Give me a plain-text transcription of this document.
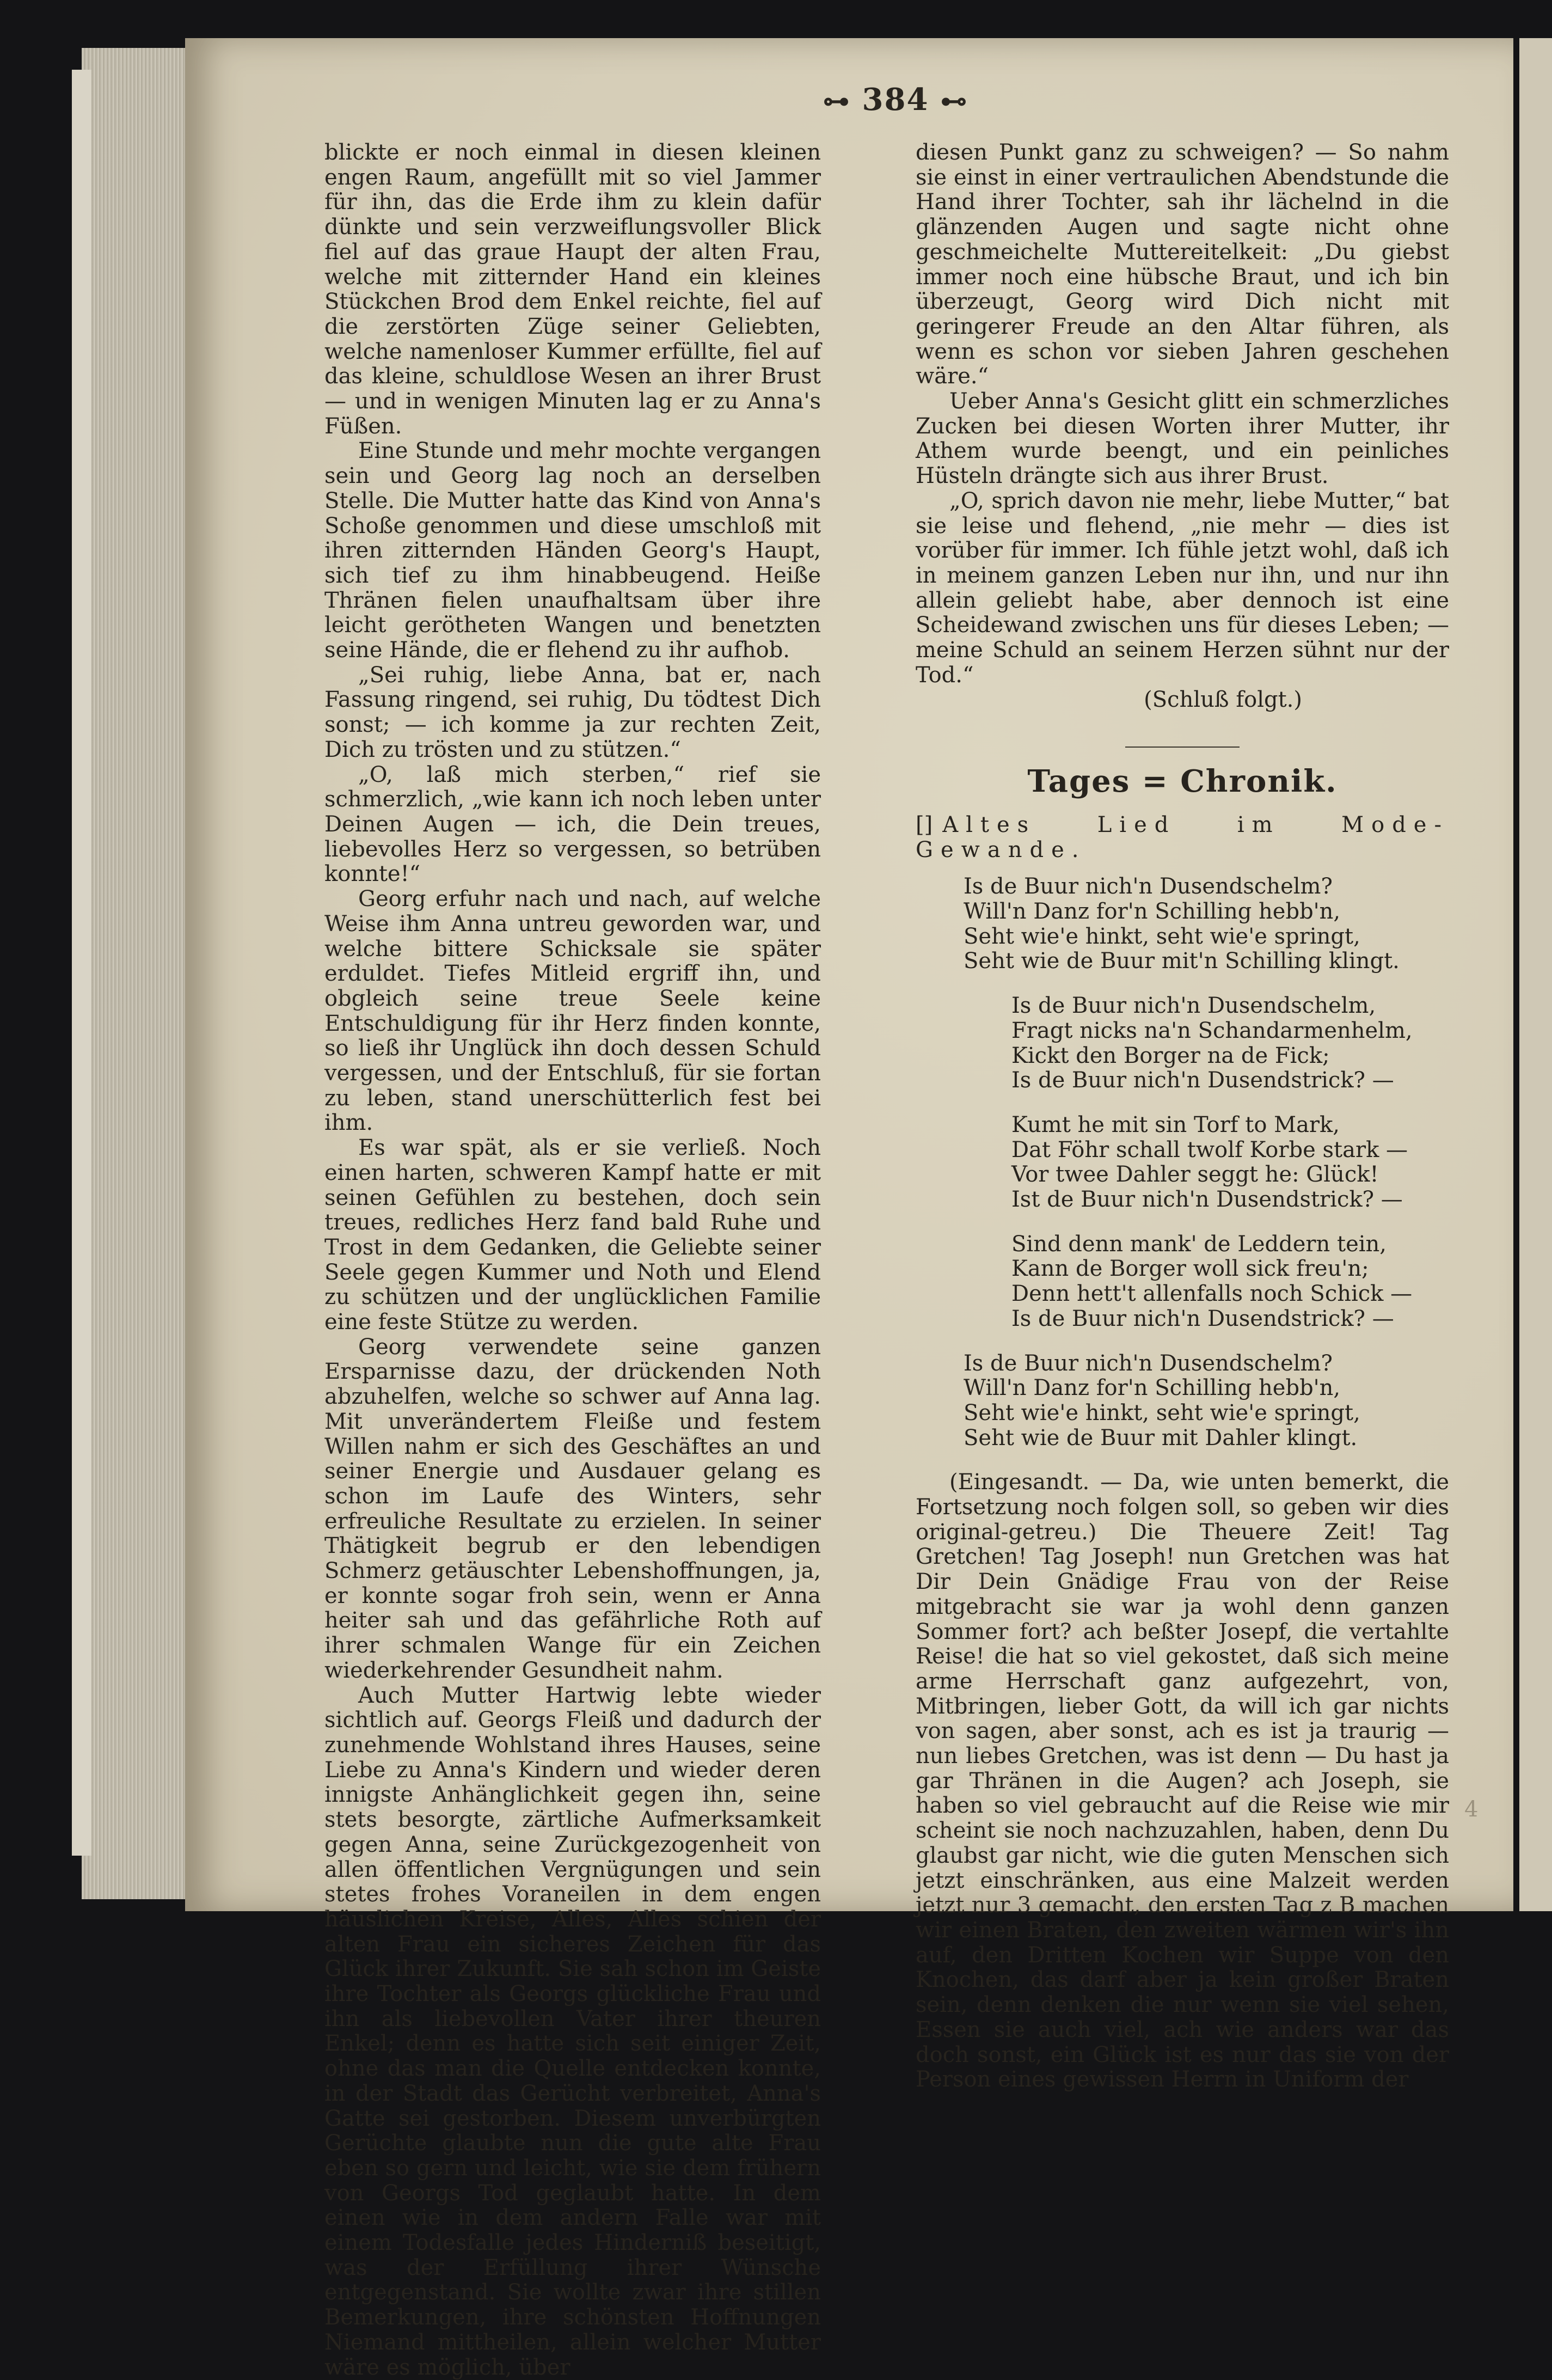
⊶ 384 ⊷

blickte er noch einmal in diesen kleinen engen Raum, angefüllt mit so viel Jammer für ihn, das die Erde ihm zu klein dafür dünkte und sein verzweiflungsvoller Blick fiel auf das graue Haupt der alten Frau, welche mit zitternder Hand ein kleines Stückchen Brod dem Enkel reichte, fiel auf die zerstörten Züge seiner Geliebten, welche namenloser Kummer erfüllte, fiel auf das kleine, schuldlose Wesen an ihrer Brust — und in wenigen Minuten lag er zu Anna's Füßen.

Eine Stunde und mehr mochte vergangen sein und Georg lag noch an derselben Stelle. Die Mutter hatte das Kind von Anna's Schoße genommen und diese umschloß mit ihren zitternden Händen Georg's Haupt, sich tief zu ihm hinabbeugend. Heiße Thränen fielen unaufhaltsam über ihre leicht gerötheten Wangen und benetzten seine Hände, die er flehend zu ihr aufhob.

„Sei ruhig, liebe Anna, bat er, nach Fassung ringend, sei ruhig, Du tödtest Dich sonst; — ich komme ja zur rechten Zeit, Dich zu trösten und zu stützen.“

„O, laß mich sterben,“ rief sie schmerzlich, „wie kann ich noch leben unter Deinen Augen — ich, die Dein treues, liebevolles Herz so vergessen, so betrüben konnte!“

Georg erfuhr nach und nach, auf welche Weise ihm Anna untreu geworden war, und welche bittere Schicksale sie später erduldet. Tiefes Mitleid ergriff ihn, und obgleich seine treue Seele keine Entschuldigung für ihr Herz finden konnte, so ließ ihr Unglück ihn doch dessen Schuld vergessen, und der Entschluß, für sie fortan zu leben, stand unerschütterlich fest bei ihm.

Es war spät, als er sie verließ. Noch einen harten, schweren Kampf hatte er mit seinen Gefühlen zu bestehen, doch sein treues, redliches Herz fand bald Ruhe und Trost in dem Gedanken, die Geliebte seiner Seele gegen Kummer und Noth und Elend zu schützen und der unglücklichen Familie eine feste Stütze zu werden.

Georg verwendete seine ganzen Ersparnisse dazu, der drückenden Noth abzuhelfen, welche so schwer auf Anna lag. Mit unverändertem Fleiße und festem Willen nahm er sich des Geschäftes an und seiner Energie und Ausdauer gelang es schon im Laufe des Winters, sehr erfreuliche Resultate zu erzielen. In seiner Thätigkeit begrub er den lebendigen Schmerz getäuschter Lebenshoffnungen, ja, er konnte sogar froh sein, wenn er Anna heiter sah und das gefährliche Roth auf ihrer schmalen Wange für ein Zeichen wiederkehrender Gesundheit nahm.

Auch Mutter Hartwig lebte wieder sichtlich auf. Georgs Fleiß und dadurch der zunehmende Wohlstand ihres Hauses, seine Liebe zu Anna's Kindern und wieder deren innigste Anhänglichkeit gegen ihn, seine stets besorgte, zärtliche Aufmerksamkeit gegen Anna, seine Zurückgezogenheit von allen öffentlichen Vergnügungen und sein stetes frohes Voraneilen in dem engen häuslichen Kreise, Alles, Alles schien der alten Frau ein sicheres Zeichen für das Glück ihrer Zukunft. Sie sah schon im Geiste ihre Tochter als Georgs glückliche Frau und ihn als liebevollen Vater ihrer theuren Enkel; denn es hatte sich seit einiger Zeit, ohne das man die Quelle entdecken konnte, in der Stadt das Gerücht verbreitet, Anna's Gatte sei gestorben. Diesem unverbürgten Gerüchte glaubte nun die gute alte Frau eben so gern und leicht, wie sie dem frühern von Georgs Tod geglaubt hatte. In dem einen wie in dem andern Falle war mit einem Todesfalle jedes Hinderniß beseitigt, was der Erfüllung ihrer Wünsche entgegenstand. Sie wollte zwar ihre stillen Bemerkungen, ihre schönsten Hoffnungen Niemand mittheilen, allein welcher Mutter wäre es möglich, über

diesen Punkt ganz zu schweigen? — So nahm sie einst in einer vertraulichen Abendstunde die Hand ihrer Tochter, sah ihr lächelnd in die glänzenden Augen und sagte nicht ohne geschmeichelte Muttereitelkeit: „Du giebst immer noch eine hübsche Braut, und ich bin überzeugt, Georg wird Dich nicht mit geringerer Freude an den Altar führen, als wenn es schon vor sieben Jahren geschehen wäre.“

Ueber Anna's Gesicht glitt ein schmerzliches Zucken bei diesen Worten ihrer Mutter, ihr Athem wurde beengt, und ein peinliches Hüsteln drängte sich aus ihrer Brust.

„O, sprich davon nie mehr, liebe Mutter,“ bat sie leise und flehend, „nie mehr — dies ist vorüber für immer. Ich fühle jetzt wohl, daß ich in meinem ganzen Leben nur ihn, und nur ihn allein geliebt habe, aber dennoch ist eine Scheidewand zwischen uns für dieses Leben; — meine Schuld an seinem Herzen sühnt nur der Tod.“

(Schluß folgt.)

Tages = Chronik.
[] Altes Lied im Mode-Gewande.
Is de Buur nich'n Dusendschelm?
Will'n Danz for'n Schilling hebb'n,
Seht wie'e hinkt, seht wie'e springt,
Seht wie de Buur mit'n Schilling klingt.
Is de Buur nich'n Dusendschelm,
Fragt nicks na'n Schandarmenhelm,
Kickt den Borger na de Fick;
Is de Buur nich'n Dusendstrick? —
Kumt he mit sin Torf to Mark,
Dat Föhr schall twolf Korbe stark —
Vor twee Dahler seggt he: Glück!
Ist de Buur nich'n Dusendstrick? —
Sind denn mank' de Leddern tein,
Kann de Borger woll sick freu'n;
Denn hett't allenfalls noch Schick —
Is de Buur nich'n Dusendstrick? —
Is de Buur nich'n Dusendschelm?
Will'n Danz for'n Schilling hebb'n,
Seht wie'e hinkt, seht wie'e springt,
Seht wie de Buur mit Dahler klingt.

(Eingesandt. — Da, wie unten bemerkt, die Fortsetzung noch folgen soll, so geben wir dies original-getreu.) Die Theuere Zeit! Tag Gretchen! Tag Joseph! nun Gretchen was hat Dir Dein Gnädige Frau von der Reise mitgebracht sie war ja wohl denn ganzen Sommer fort? ach beßter Josepf, die vertahlte Reise! die hat so viel gekostet, daß sich meine arme Herrschaft ganz aufgezehrt, von, Mitbringen, lieber Gott, da will ich gar nichts von sagen, aber sonst, ach es ist ja traurig — nun liebes Gretchen, was ist denn — Du hast ja gar Thränen in die Augen? ach Joseph, sie haben so viel gebraucht auf die Reise wie mir scheint sie noch nachzuzahlen, haben, denn Du glaubst gar nicht, wie die guten Menschen sich jetzt einschränken, aus eine Malzeit werden jetzt nur 3 gemacht, den ersten Tag z B machen wir einen Braten, den zweiten wärmen wir's ihn auf, den Dritten Kochen wir Suppe von den Knochen, das darf aber ja kein großer Braten sein, denn denken die nur wenn sie viel sehen, Essen sie auch viel, ach wie anders war das doch sonst, ein Glück ist es nur das sie von der Person eines gewissen Herrn in Uniform der

4
